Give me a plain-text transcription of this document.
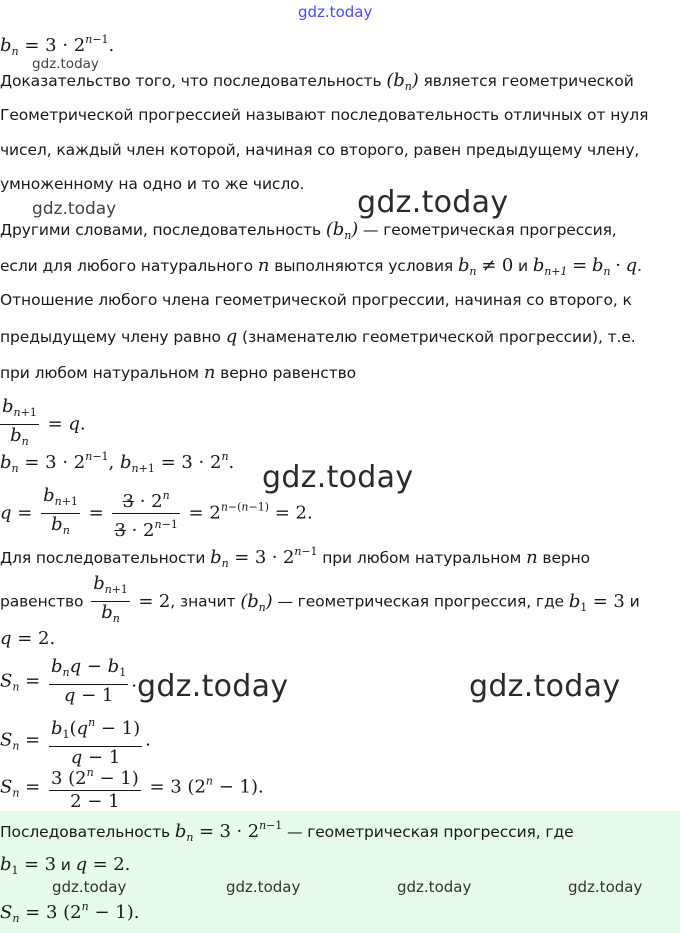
gdz.today
gdz.today
gdz.today	gdz.today
gdz.today
gdz.today	gdz.today
gdz.today	gdz.today	gdz.today	gdz.today
$b_n = 3 \cdot 2^{n-1}$.
Доказательство того, что последовательность $(b_n)$ является геометрической
Геометрической прогрессией называют последовательность отличных от нуля
чисел, каждый член которой, начиная со второго, равен предыдущему члену,
умноженному на одно и то же число.
Другими словами, последовательность $(b_n)$ — геометрическая прогрессия,
если для любого натурального n выполняются условия $b_n \ne 0$ и $b_{n+1} = b_n \cdot q$.
Отношение любого члена геометрической прогрессии, начиная со второго, к
предыдущему члену равно q (знаменателю геометрической прогрессии), т.е.
при любом натуральном n верно равенство
$\frac{b_{n+1}}{b_n} = q$.
$b_n = 3 \cdot 2^{n-1}$, $b_{n+1} = 3 \cdot 2^n$.
$q = \frac{b_{n+1}}{b_n} = \frac{3 \cdot 2^n}{3 \cdot 2^{n-1}} = 2^{n-(n-1)} = 2$.
Для последовательности $b_n = 3 \cdot 2^{n-1}$ при любом натуральном n верно
равенство $\frac{b_{n+1}}{b_n} = 2$, значит $(b_n)$ — геометрическая прогрессия, где $b_1 = 3$ и
q = 2.
$S_n = \frac{b_nq - b_1}{q - 1}$ .
$S_n = \frac{b_1(q^n - 1)}{q - 1}$ .
$S_n = \frac{3 (2^n - 1)}{2 - 1} = 3$ $(2^n - 1)$.
Последовательность $b_n = 3 \cdot 2^{n-1}$ — геометрическая прогрессия, где
$b_1 = 3$ и q = 2.
$S_n = 3$ $(2^n - 1)$.
